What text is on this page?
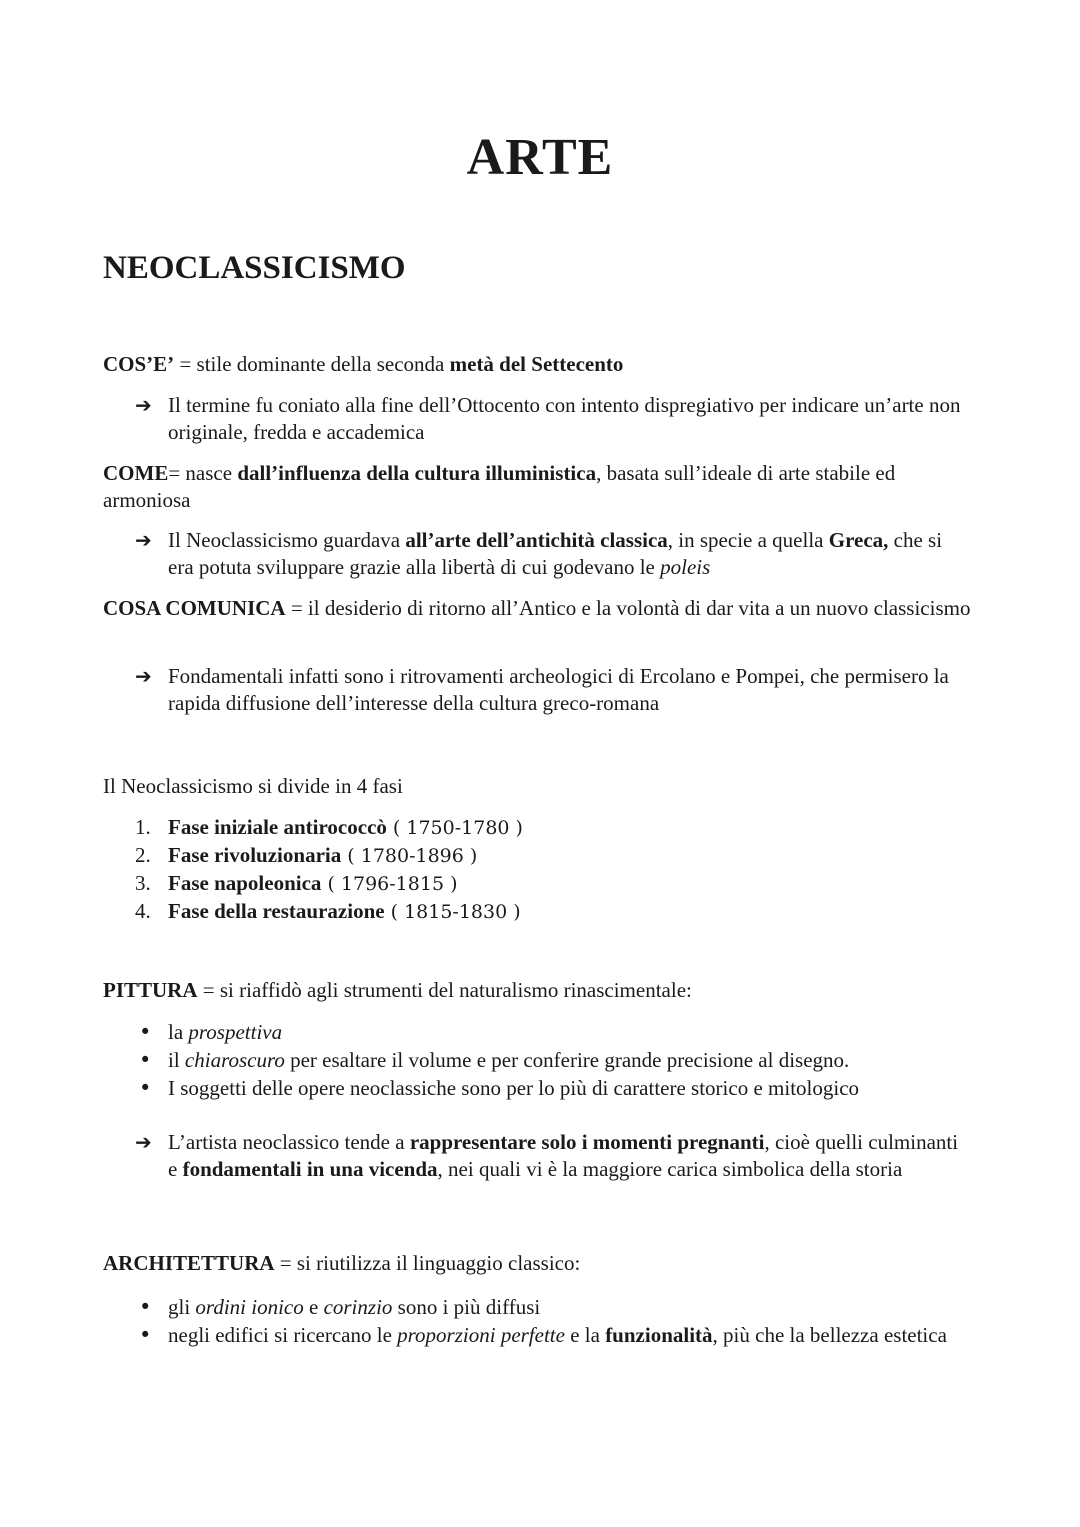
ARTE
NEOCLASSICISMO
COS’E’ = stile dominante della seconda metà del Settecento
➔ Il termine fu coniato alla fine dell’Ottocento con intento dispregiativo per indicare un’arte non originale, fredda e accademica
COME= nasce dall’influenza della cultura illuministica, basata sull’ideale di arte stabile ed armoniosa
➔ Il Neoclassicismo guardava all’arte dell’antichità classica, in specie a quella Greca, che si era potuta sviluppare grazie alla libertà di cui godevano le poleis
COSA COMUNICA = il desiderio di ritorno all’Antico e la volontà di dar vita a un nuovo classicismo
➔ Fondamentali infatti sono i ritrovamenti archeologici di Ercolano e Pompei, che permisero la rapida diffusione dell’interesse della cultura greco-romana
Il Neoclassicismo si divide in 4 fasi
1. Fase iniziale antirococcò ( 1750-1780 )
2. Fase rivoluzionaria ( 1780-1896 )
3. Fase napoleonica ( 1796-1815 )
4. Fase della restaurazione ( 1815-1830 )
PITTURA = si riaffidò agli strumenti del naturalismo rinascimentale:
• la prospettiva
• il chiaroscuro per esaltare il volume e per conferire grande precisione al disegno.
• I soggetti delle opere neoclassiche sono per lo più di carattere storico e mitologico
➔ L’artista neoclassico tende a rappresentare solo i momenti pregnanti, cioè quelli culminanti e fondamentali in una vicenda, nei quali vi è la maggiore carica simbolica della storia
ARCHITETTURA = si riutilizza il linguaggio classico:
• gli ordini ionico e corinzio sono i più diffusi
• negli edifici si ricercano le proporzioni perfette e la funzionalità, più che la bellezza estetica
